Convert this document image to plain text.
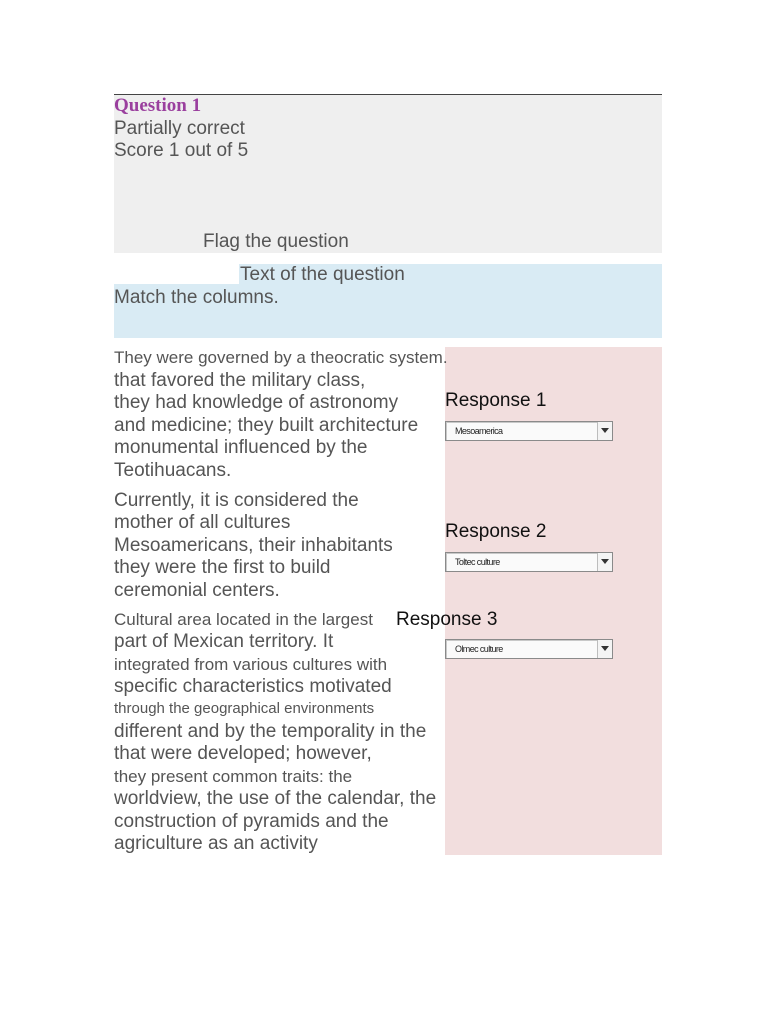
Question 1
Partially correct
Score 1 out of 5
Flag the question
Text of the question
Match the columns.
They were governed by a theocratic system.
that favored the military class,
they had knowledge of astronomy
and medicine; they built architecture
monumental influenced by the
Teotihuacans.
Response 1
Mesoamerica
Currently, it is considered the
mother of all cultures
Mesoamericans, their inhabitants
they were the first to build
ceremonial centers.
Response 2
Toltec culture
Cultural area located in the largest
part of Mexican territory. It
integrated from various cultures with
specific characteristics motivated
through the geographical environments
different and by the temporality in the
that were developed; however,
they present common traits: the
worldview, the use of the calendar, the
construction of pyramids and the
agriculture as an activity
Response 3
Olmec culture
